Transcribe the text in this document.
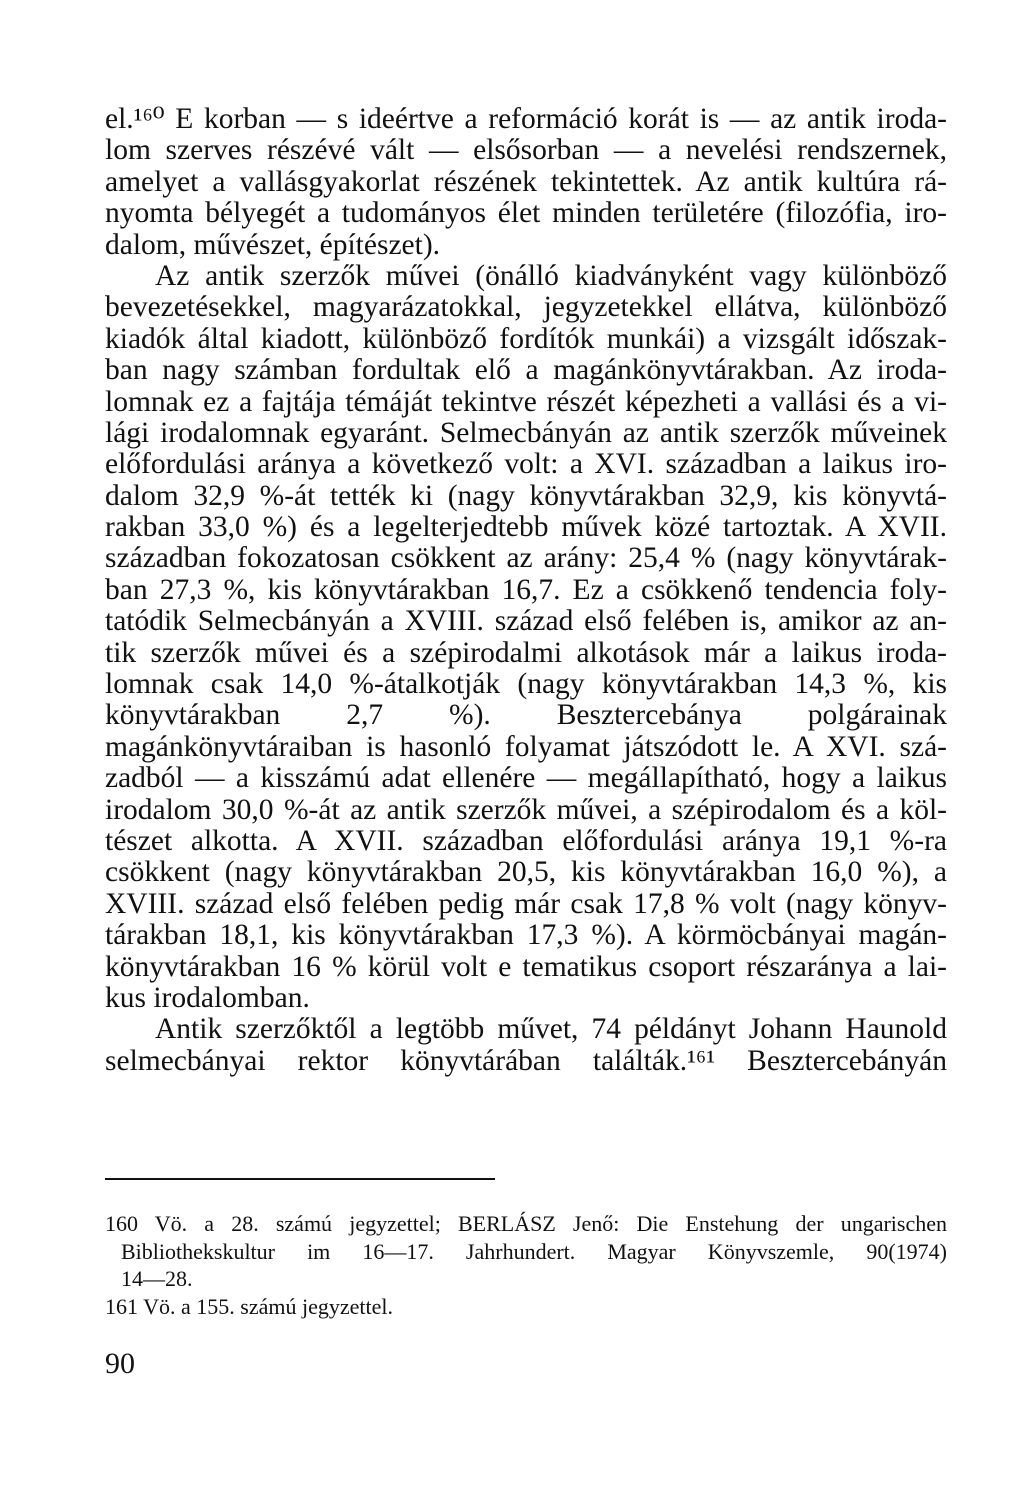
el.¹⁶⁰ E korban — s ideértve a reformáció korát is — az antik iroda-
lom szerves részévé vált — elsősorban — a nevelési rendszernek,
amelyet a vallásgyakorlat részének tekintettek. Az antik kultúra rá-
nyomta bélyegét a tudományos élet minden területére (filozófia, iro-
dalom, művészet, építészet).
Az antik szerzők művei (önálló kiadványként vagy különböző
bevezetésekkel, magyarázatokkal, jegyzetekkel ellátva, különböző
kiadók által kiadott, különböző fordítók munkái) a vizsgált időszak-
ban nagy számban fordultak elő a magánkönyvtárakban. Az iroda-
lomnak ez a fajtája témáját tekintve részét képezheti a vallási és a vi-
lági irodalomnak egyaránt. Selmecbányán az antik szerzők műveinek
előfordulási aránya a következő volt: a XVI. században a laikus iro-
dalom 32,9 %-át tették ki (nagy könyvtárakban 32,9, kis könyvtá-
rakban 33,0 %) és a legelterjedtebb művek közé tartoztak. A XVII.
században fokozatosan csökkent az arány: 25,4 % (nagy könyvtárak-
ban 27,3 %, kis könyvtárakban 16,7. Ez a csökkenő tendencia foly-
tatódik Selmecbányán a XVIII. század első felében is, amikor az an-
tik szerzők művei és a szépirodalmi alkotások már a laikus iroda-
lomnak csak 14,0 %-átalkotják (nagy könyvtárakban 14,3 %, kis
könyvtárakban 2,7 %). Besztercebánya polgárainak
magánkönyvtáraiban is hasonló folyamat játszódott le. A XVI. szá-
zadból — a kisszámú adat ellenére — megállapítható, hogy a laikus
irodalom 30,0 %-át az antik szerzők művei, a szépirodalom és a köl-
tészet alkotta. A XVII. században előfordulási aránya 19,1 %-ra
csökkent (nagy könyvtárakban 20,5, kis könyvtárakban 16,0 %), a
XVIII. század első felében pedig már csak 17,8 % volt (nagy könyv-
tárakban 18,1, kis könyvtárakban 17,3 %). A körmöcbányai magán-
könyvtárakban 16 % körül volt e tematikus csoport részaránya a lai-
kus irodalomban.
Antik szerzőktől a legtöbb művet, 74 példányt Johann Haunold
selmecbányai rektor könyvtárában találták.¹⁶¹ Besztercebányán
160 Vö. a 28. számú jegyzettel; BERLÁSZ Jenő: Die Enstehung der ungarischen
Bibliothekskultur im 16—17. Jahrhundert. Magyar Könyvszemle, 90(1974)
14—28.
161 Vö. a 155. számú jegyzettel.
90
